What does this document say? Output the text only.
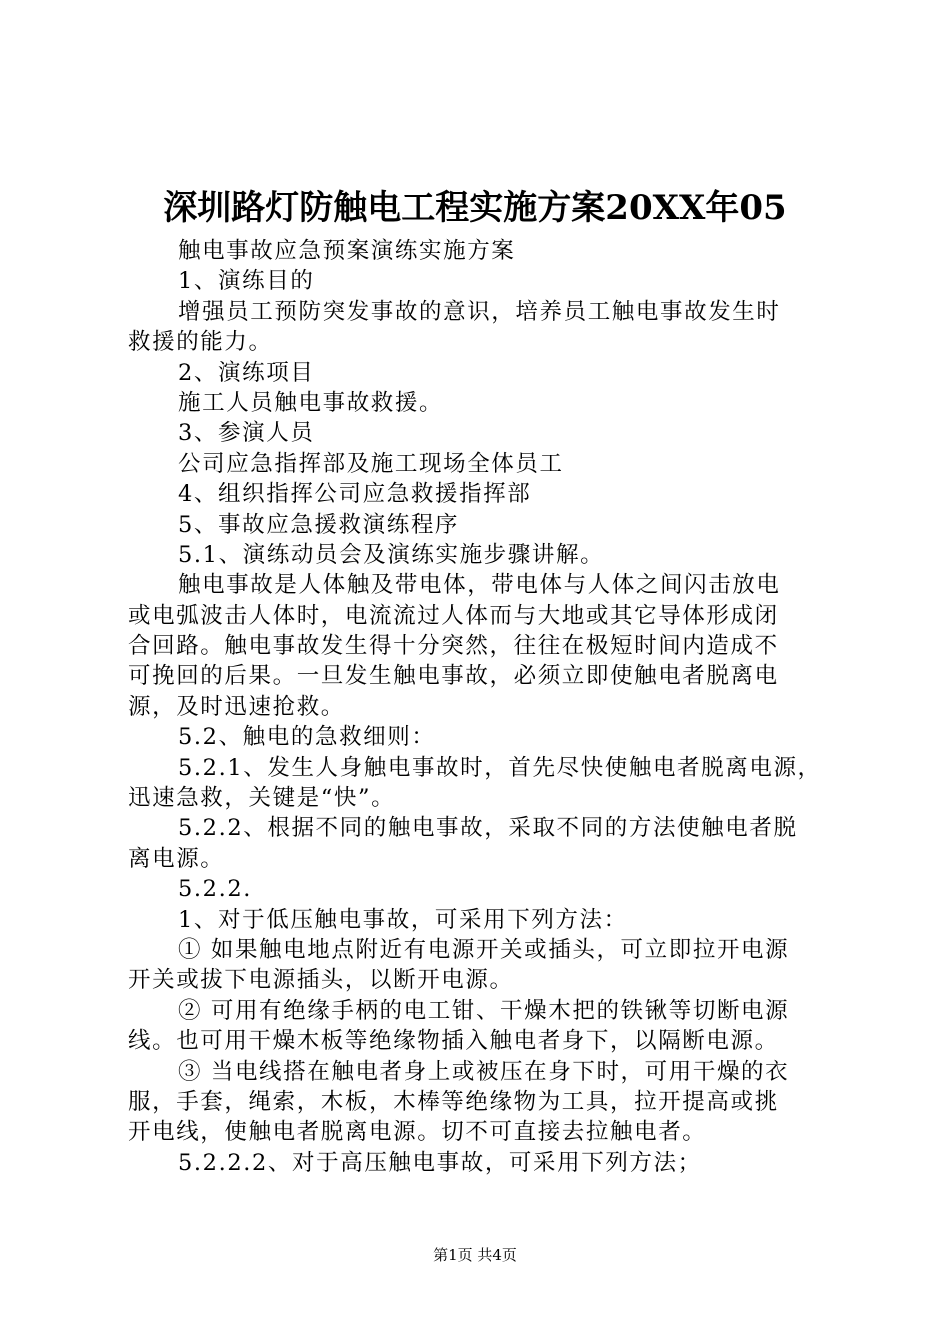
深圳路灯防触电工程实施方案20XX年05
触电事故应急预案演练实施方案
1、演练目的
增强员工预防突发事故的意识，培养员工触电事故发生时
救援的能力。
2、演练项目
施工人员触电事故救援。
3、参演人员
公司应急指挥部及施工现场全体员工
4、组织指挥公司应急救援指挥部
5、事故应急援救演练程序
5.1、演练动员会及演练实施步骤讲解。
触电事故是人体触及带电体，带电体与人体之间闪击放电
或电弧波击人体时，电流流过人体而与大地或其它导体形成闭
合回路。触电事故发生得十分突然，往往在极短时间内造成不
可挽回的后果。一旦发生触电事故，必须立即使触电者脱离电
源，及时迅速抢救。
5.2、触电的急救细则：
5.2.1、发生人身触电事故时，首先尽快使触电者脱离电源，
迅速急救，关键是“快”。
5.2.2、根据不同的触电事故，采取不同的方法使触电者脱
离电源。
5.2.2.
1、对于低压触电事故，可采用下列方法：
① 如果触电地点附近有电源开关或插头，可立即拉开电源
开关或拔下电源插头，以断开电源。
② 可用有绝缘手柄的电工钳、干燥木把的铁锹等切断电源
线。也可用干燥木板等绝缘物插入触电者身下，以隔断电源。
③ 当电线搭在触电者身上或被压在身下时，可用干燥的衣
服，手套，绳索，木板，木棒等绝缘物为工具，拉开提高或挑
开电线，使触电者脱离电源。切不可直接去拉触电者。
5.2.2.2、对于高压触电事故，可采用下列方法；
第1页 共4页
